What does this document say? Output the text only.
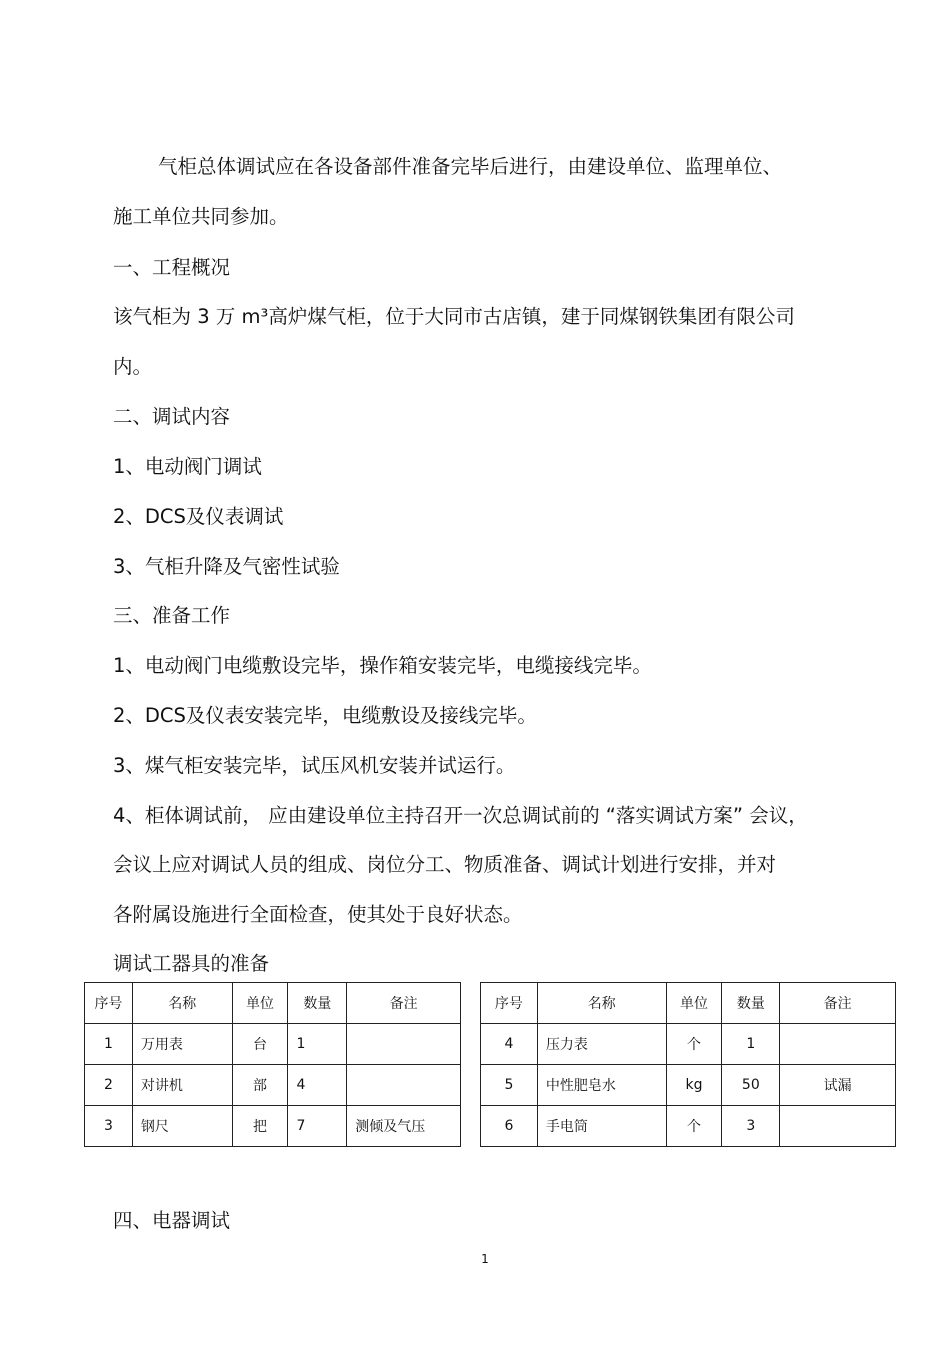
气柜总体调试应在各设备部件准备完毕后进行，由建设单位、监理单位、
施工单位共同参加。
一、工程概况
该气柜为 3 万 m³高炉煤气柜，位于大同市古店镇，建于同煤钢铁集团有限公司
内。
二、调试内容
1、电动阀门调试
2、DCS及仪表调试
3、气柜升降及气密性试验
三、准备工作
1、电动阀门电缆敷设完毕，操作箱安装完毕，电缆接线完毕。
2、DCS及仪表安装完毕，电缆敷设及接线完毕。
3、煤气柜安装完毕，试压风机安装并试运行。
4、柜体调试前， 应由建设单位主持召开一次总调试前的 “落实调试方案” 会议，
会议上应对调试人员的组成、岗位分工、物质准备、调试计划进行安排，并对
各附属设施进行全面检查，使其处于良好状态。
调试工器具的准备
序号	名称	单位	数量	备注
1	万用表	台	1	
2	对讲机	部	4	
3	钢尺	把	7	测倾及气压
序号	名称	单位	数量	备注
4	压力表	个	1	
5	中性肥皂水	kg	50	试漏
6	手电筒	个	3	
四、电器调试
1
